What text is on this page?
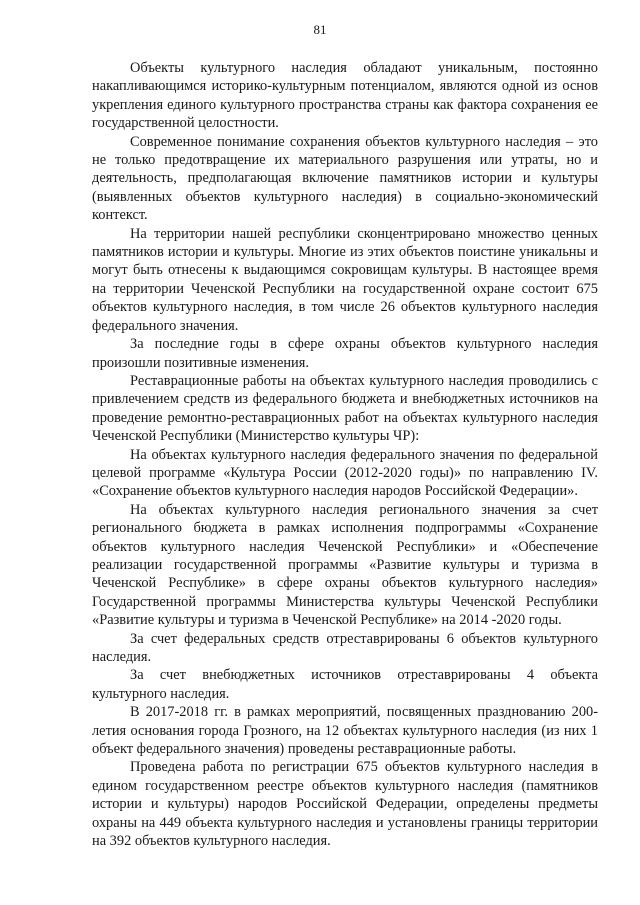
81

Объекты культурного наследия обладают уникальным, постоянно накапливающимся историко-культурным потенциалом, являются одной из основ укрепления единого культурного пространства страны как фактора сохранения ее государственной целостности.

Современное понимание сохранения объектов культурного наследия – это не только предотвращение их материального разрушения или утраты, но и деятельность, предполагающая включение памятников истории и культуры (выявленных объектов культурного наследия) в социально-экономический контекст.

На территории нашей республики сконцентрировано множество ценных памятников истории и культуры. Многие из этих объектов поистине уникальны и могут быть отнесены к выдающимся сокровищам культуры. В настоящее время на территории Чеченской Республики на государственной охране состоит 675 объектов культурного наследия, в том числе 26 объектов культурного наследия федерального значения.

За последние годы в сфере охраны объектов культурного наследия произошли позитивные изменения.

Реставрационные работы на объектах культурного наследия проводились с привлечением средств из федерального бюджета и внебюджетных источников на проведение ремонтно-реставрационных работ на объектах культурного наследия Чеченской Республики (Министерство культуры ЧР):

На объектах культурного наследия федерального значения по федеральной целевой программе «Культура России (2012-2020 годы)» по направлению IV. «Сохранение объектов культурного наследия народов Российской Федерации».

На объектах культурного наследия регионального значения за счет регионального бюджета в рамках исполнения подпрограммы «Сохранение объектов культурного наследия Чеченской Республики» и «Обеспечение реализации государственной программы «Развитие культуры и туризма в Чеченской Республике» в сфере охраны объектов культурного наследия» Государственной программы Министерства культуры Чеченской Республики «Развитие культуры и туризма в Чеченской Республике» на 2014 -2020 годы.

За счет федеральных средств отреставрированы 6 объектов культурного наследия.

За счет внебюджетных источников отреставрированы 4 объекта культурного наследия.

В 2017-2018 гг. в рамках мероприятий, посвященных празднованию 200-летия основания города Грозного, на 12 объектах культурного наследия (из них 1 объект федерального значения) проведены реставрационные работы.

Проведена работа по регистрации 675 объектов культурного наследия в едином государственном реестре объектов культурного наследия (памятников истории и культуры) народов Российской Федерации, определены предметы охраны на 449 объекта культурного наследия и установлены границы территории на 392 объектов культурного наследия.
